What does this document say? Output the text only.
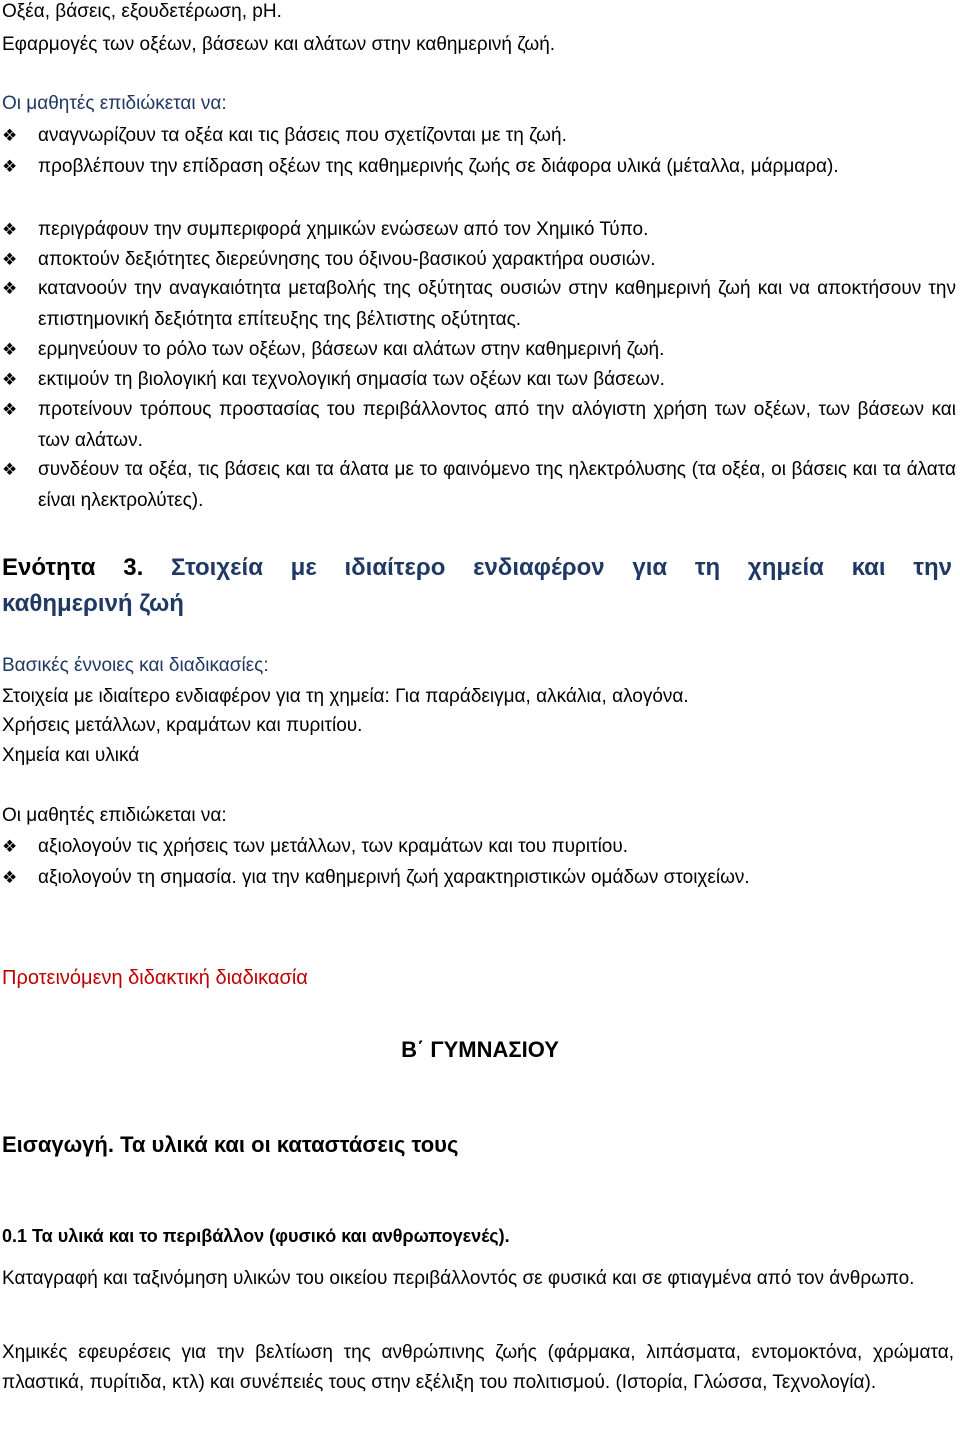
Οξέα, βάσεις, εξουδετέρωση, pH.
Εφαρμογές των οξέων, βάσεων και αλάτων στην καθημερινή ζωή.
Οι μαθητές επιδιώκεται να:
❖	αναγνωρίζουν τα οξέα και τις βάσεις που σχετίζονται με τη ζωή.
❖	προβλέπουν την επίδραση οξέων της καθημερινής ζωής σε διάφορα υλικά (μέταλλα, μάρμαρα).
❖	περιγράφουν την συμπεριφορά χημικών ενώσεων από τον Χημικό Τύπο.
❖	αποκτούν δεξιότητες διερεύνησης του όξινου-βασικού χαρακτήρα ουσιών.
❖	κατανοούν την αναγκαιότητα μεταβολής της οξύτητας ουσιών στην καθημερινή ζωή και να αποκτήσουν την επιστημονική δεξιότητα επίτευξης της βέλτιστης οξύτητας.
❖	ερμηνεύουν το ρόλο των οξέων, βάσεων και αλάτων στην καθημερινή ζωή.
❖	εκτιμούν τη βιολογική και τεχνολογική σημασία των οξέων και των βάσεων.
❖	προτείνουν τρόπους προστασίας του περιβάλλοντος από την αλόγιστη χρήση των οξέων, των βάσεων και των αλάτων.
❖	συνδέουν τα οξέα, τις βάσεις και τα άλατα με το φαινόμενο της ηλεκτρόλυσης (τα οξέα, οι βάσεις και τα άλατα είναι ηλεκτρολύτες).
Ενότητα 3. Στοιχεία με ιδιαίτερο ενδιαφέρον για τη χημεία και την
καθημερινή ζωή
Βασικές έννοιες και διαδικασίες:
Στοιχεία με ιδιαίτερο ενδιαφέρον για τη χημεία: Για παράδειγμα, αλκάλια, αλογόνα.
Χρήσεις μετάλλων, κραμάτων και πυριτίου.
Χημεία και υλικά
Οι μαθητές επιδιώκεται να:
❖	αξιολογούν τις χρήσεις των μετάλλων, των κραμάτων και του πυριτίου.
❖	αξιολογούν τη σημασία. για την καθημερινή ζωή χαρακτηριστικών ομάδων στοιχείων.
Προτεινόμενη διδακτική διαδικασία
Β΄ ΓΥΜΝΑΣΙΟΥ
Εισαγωγή. Τα υλικά και οι καταστάσεις τους
0.1 Τα υλικά και το περιβάλλον (φυσικό και ανθρωπογενές).
Καταγραφή και ταξινόμηση υλικών του οικείου περιβάλλοντός σε φυσικά και σε φτιαγμένα από τον άνθρωπο.
Χημικές εφευρέσεις για την βελτίωση της ανθρώπινης ζωής (φάρμακα, λιπάσματα, εντομοκτόνα, χρώματα, πλαστικά, πυρίτιδα, κτλ) και συνέπειές τους στην εξέλιξη του πολιτισμού. (Ιστορία, Γλώσσα, Τεχνολογία).
